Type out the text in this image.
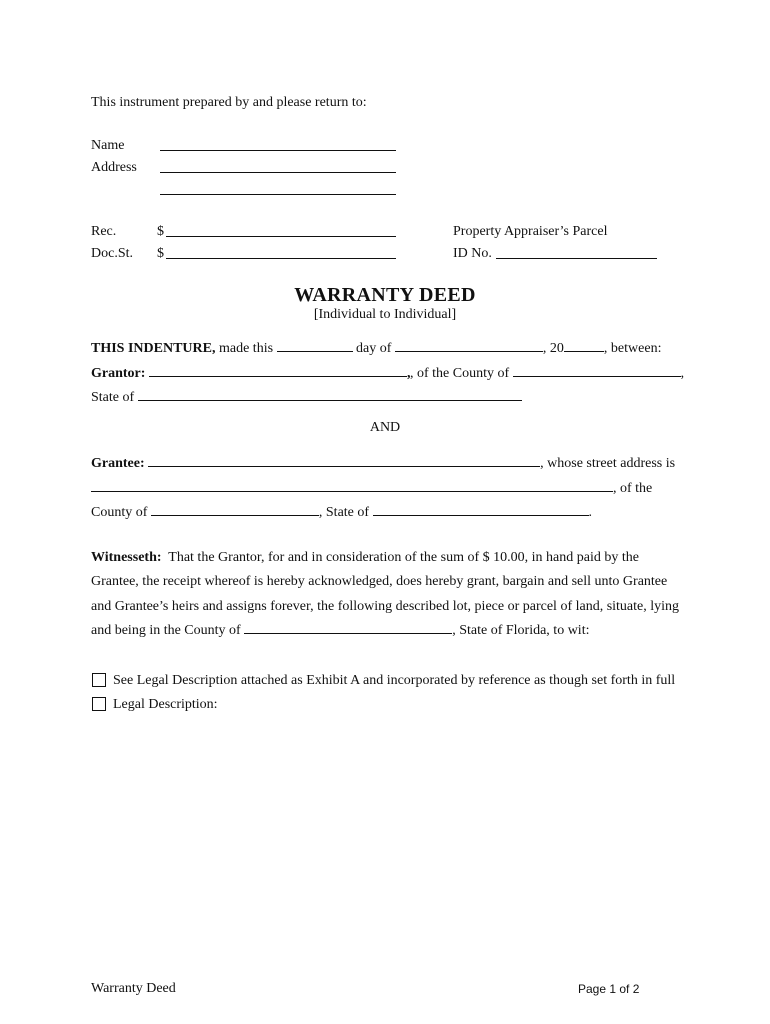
This instrument prepared by and please return to:
Name
Address
Rec.	$
Doc.St. $
Property Appraiser’s Parcel
ID No.
WARRANTY DEED
[Individual to Individual]
THIS INDENTURE, made this	day of	, 20	, between:
Grantor:	, , of the County of	,
State of
AND
Grantee:	, whose street address is
, of the
County of	, State of	.
Witnesseth: That the Grantor, for and in consideration of the sum of $ 10.00, in hand paid by the
Grantee, the receipt whereof is hereby acknowledged, does hereby grant, bargain and sell unto Grantee
and Grantee’s heirs and assigns forever, the following described lot, piece or parcel of land, situate, lying
and being in the County of	, State of Florida, to wit:
See Legal Description attached as Exhibit A and incorporated by reference as though set forth in full
Legal Description:
Warranty Deed	Page 1 of 2
